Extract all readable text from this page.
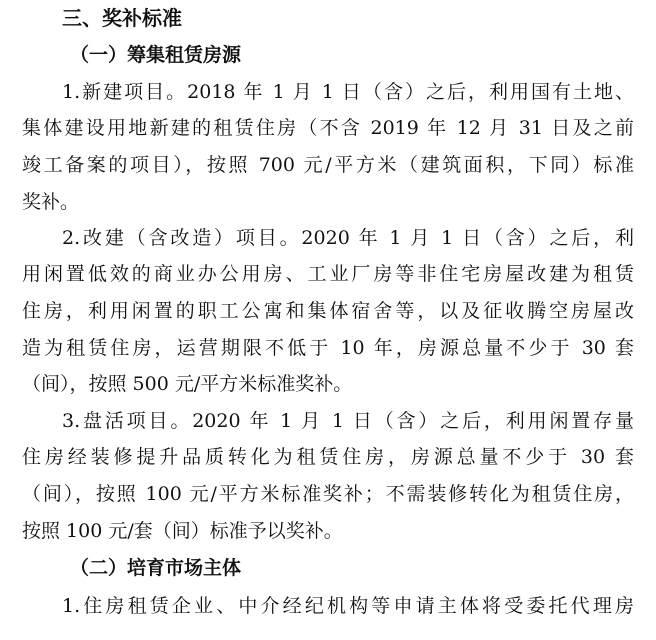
三、奖补标准
（一）筹集租赁房源
1.新建项目。2018 年 1 月 1 日（含）之后，利用国有土地、
集体建设用地新建的租赁住房（不含 2019 年 12 月 31 日及之前
竣工备案的项目），按照 700 元/平方米（建筑面积，下同）标准
奖补。
2.改建（含改造）项目。2020 年 1 月 1 日（含）之后，利
用闲置低效的商业办公用房、工业厂房等非住宅房屋改建为租赁
住房，利用闲置的职工公寓和集体宿舍等，以及征收腾空房屋改
造为租赁住房，运营期限不低于 10 年，房源总量不少于 30 套
（间），按照 500 元/平方米标准奖补。
3.盘活项目。2020 年 1 月 1 日（含）之后，利用闲置存量
住房经装修提升品质转化为租赁住房，房源总量不少于 30 套
（间），按照 100 元/平方米标准奖补；不需装修转化为租赁住房，
按照 100 元/套（间）标准予以奖补。
（二）培育市场主体
1.住房租赁企业、中介经纪机构等申请主体将受委托代理房
